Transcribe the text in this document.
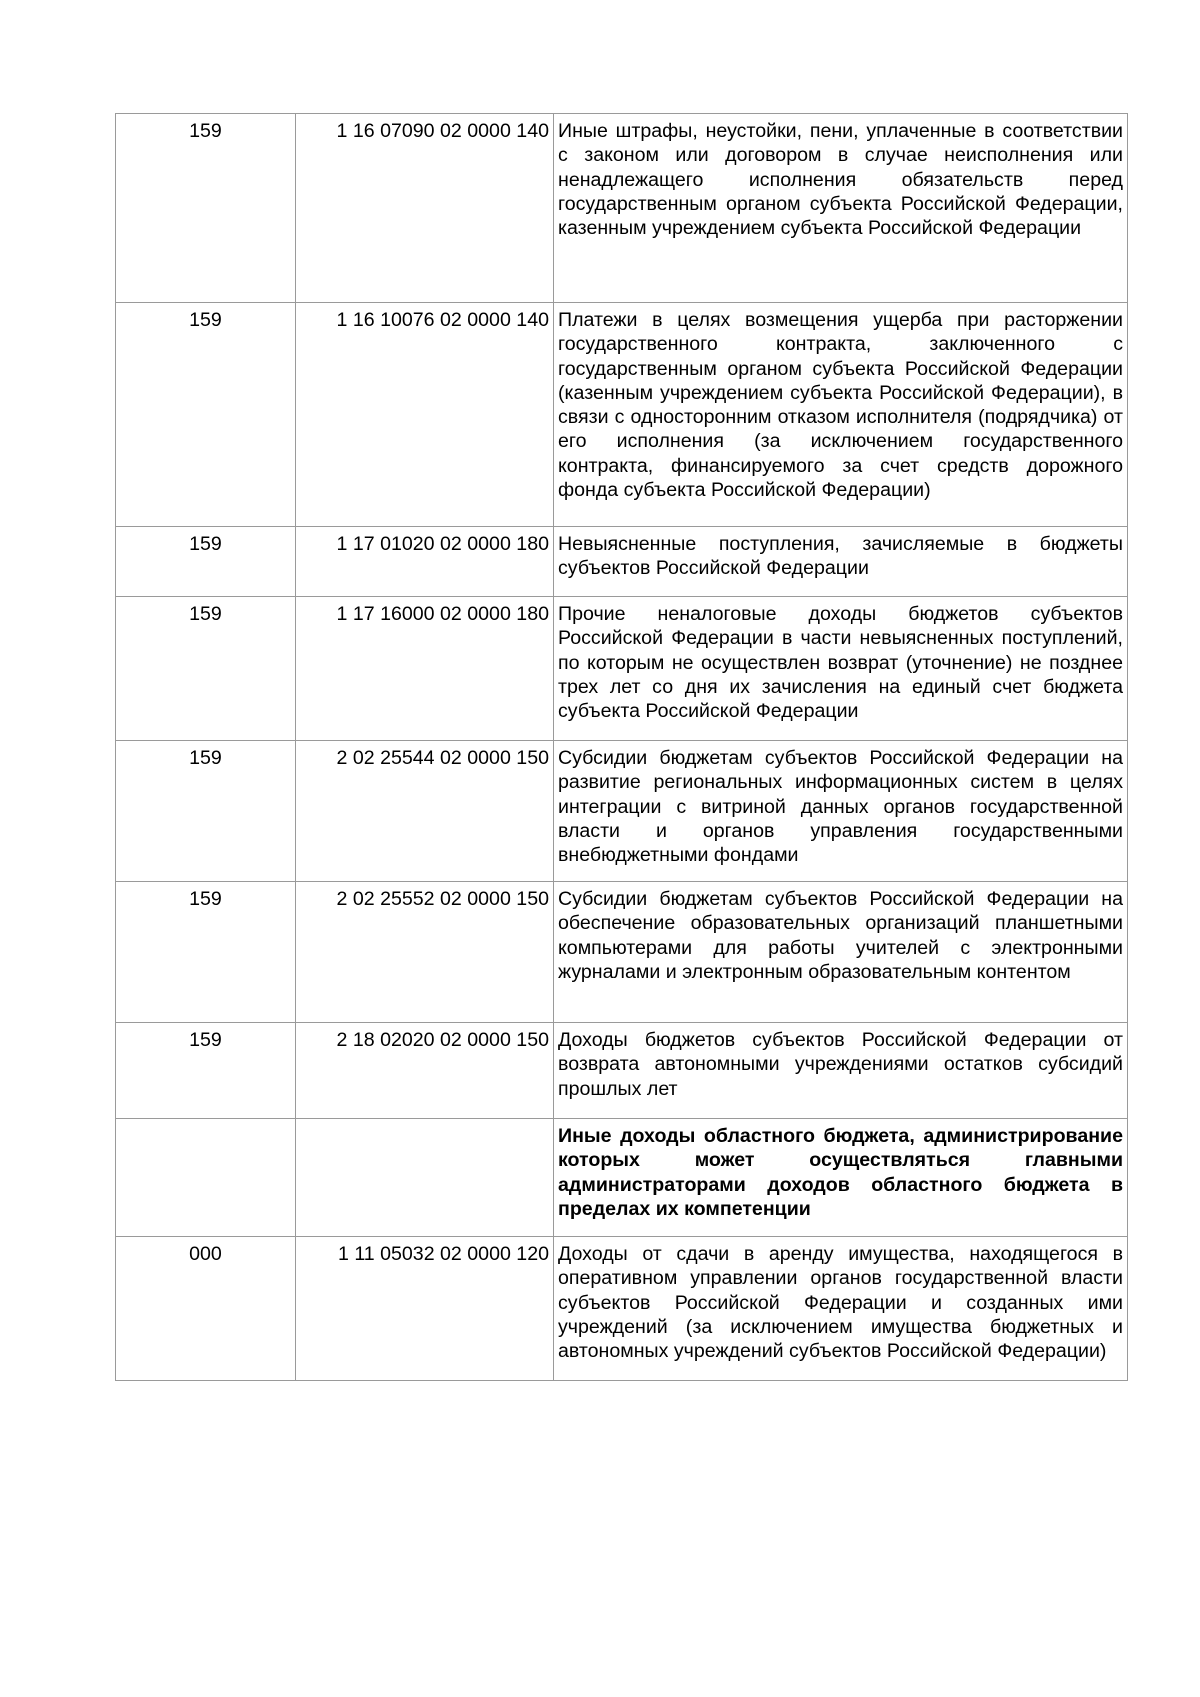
159	1 16 07090 02 0000 140	Иные штрафы, неустойки, пени, уплаченные в соответствии с законом или договором в случае неисполнения или ненадлежащего исполнения обязательств перед государственным органом субъекта Российской Федерации, казенным учреждением субъекта Российской Федерации
159	1 16 10076 02 0000 140	Платежи в целях возмещения ущерба при расторжении государственного контракта, заключенного с государственным органом субъекта Российской Федерации (казенным учреждением субъекта Российской Федерации), в связи с односторонним отказом исполнителя (подрядчика) от его исполнения (за исключением государственного контракта, финансируемого за счет средств дорожного фонда субъекта Российской Федерации)
159	1 17 01020 02 0000 180	Невыясненные поступления, зачисляемые в бюджеты субъектов Российской Федерации
159	1 17 16000 02 0000 180	Прочие неналоговые доходы бюджетов субъектов Российской Федерации в части невыясненных поступлений, по которым не осуществлен возврат (уточнение) не позднее трех лет со дня их зачисления на единый счет бюджета субъекта Российской Федерации
159	2 02 25544 02 0000 150	Субсидии бюджетам субъектов Российской Федерации на развитие региональных информационных систем в целях интеграции с витриной данных органов государственной власти и органов управления государственными внебюджетными фондами
159	2 02 25552 02 0000 150	Субсидии бюджетам субъектов Российской Федерации на обеспечение образовательных организаций планшетными компьютерами для работы учителей с электронными журналами и электронным образовательным контентом
159	2 18 02020 02 0000 150	Доходы бюджетов субъектов Российской Федерации от возврата автономными учреждениями остатков субсидий прошлых лет

		Иные доходы областного бюджета, администрирование которых может осуществляться главными администраторами доходов областного бюджета в пределах их компетенции

000	1 11 05032 02 0000 120	Доходы от сдачи в аренду имущества, находящегося в оперативном управлении органов государственной власти субъектов Российской Федерации и созданных ими учреждений (за исключением имущества бюджетных и автономных учреждений субъектов Российской Федерации)
